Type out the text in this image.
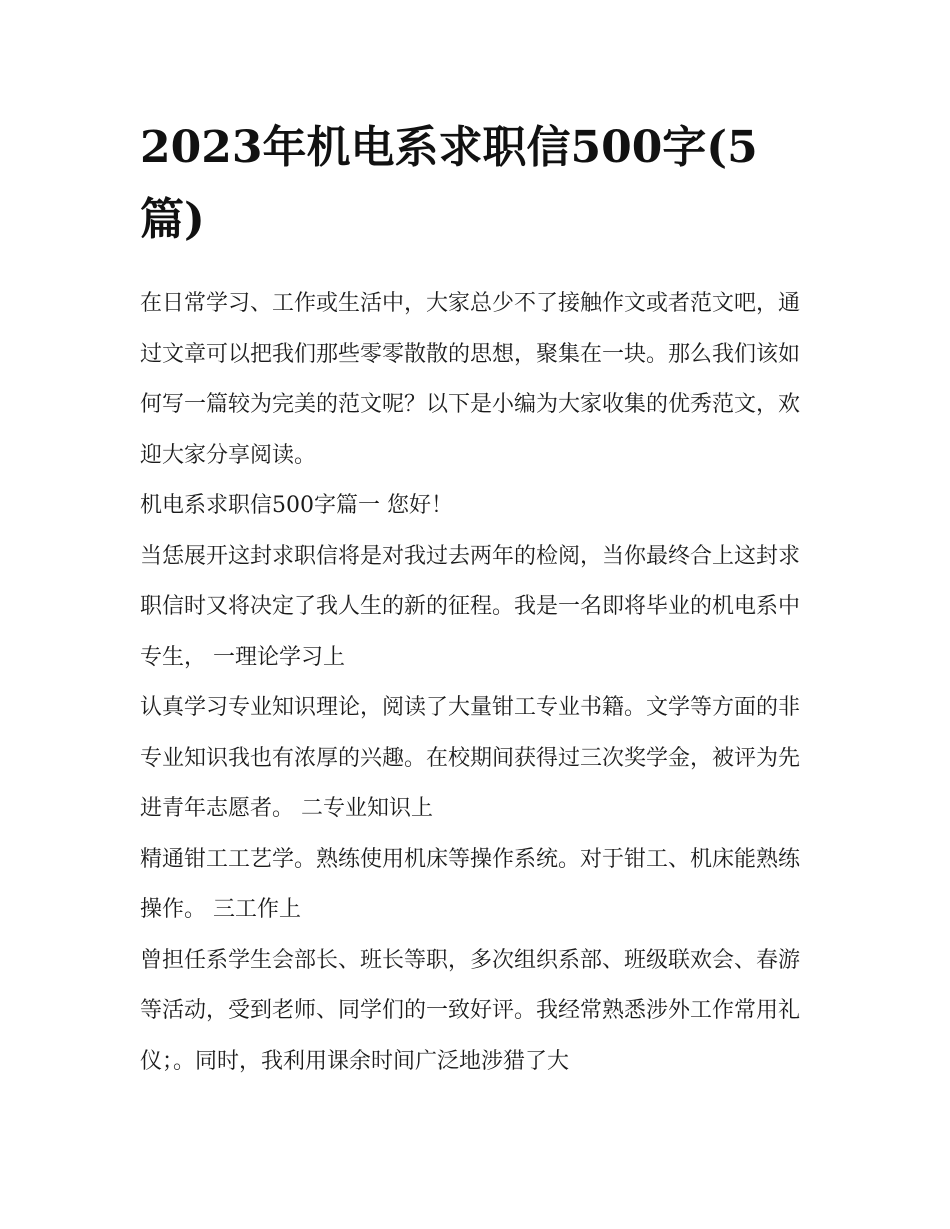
2023年机电系求职信500字(5篇)

在日常学习、工作或生活中，大家总少不了接触作文或者范文吧，通过文章可以把我们那些零零散散的思想，聚集在一块。那么我们该如何写一篇较为完美的范文呢？以下是小编为大家收集的优秀范文，欢迎大家分享阅读。

机电系求职信500字篇一 您好！

当恁展开这封求职信将是对我过去两年的检阅，当你最终合上这封求职信时又将决定了我人生的新的征程。我是一名即将毕业的机电系中专生， 一理论学习上

认真学习专业知识理论，阅读了大量钳工专业书籍。文学等方面的非专业知识我也有浓厚的兴趣。在校期间获得过三次奖学金，被评为先进青年志愿者。 二专业知识上

精通钳工工艺学。熟练使用机床等操作系统。对于钳工、机床能熟练操作。 三工作上

曾担任系学生会部长、班长等职，多次组织系部、班级联欢会、春游等活动，受到老师、同学们的一致好评。我经常熟悉涉外工作常用礼仪；。同时，我利用课余时间广泛地涉猎了大
